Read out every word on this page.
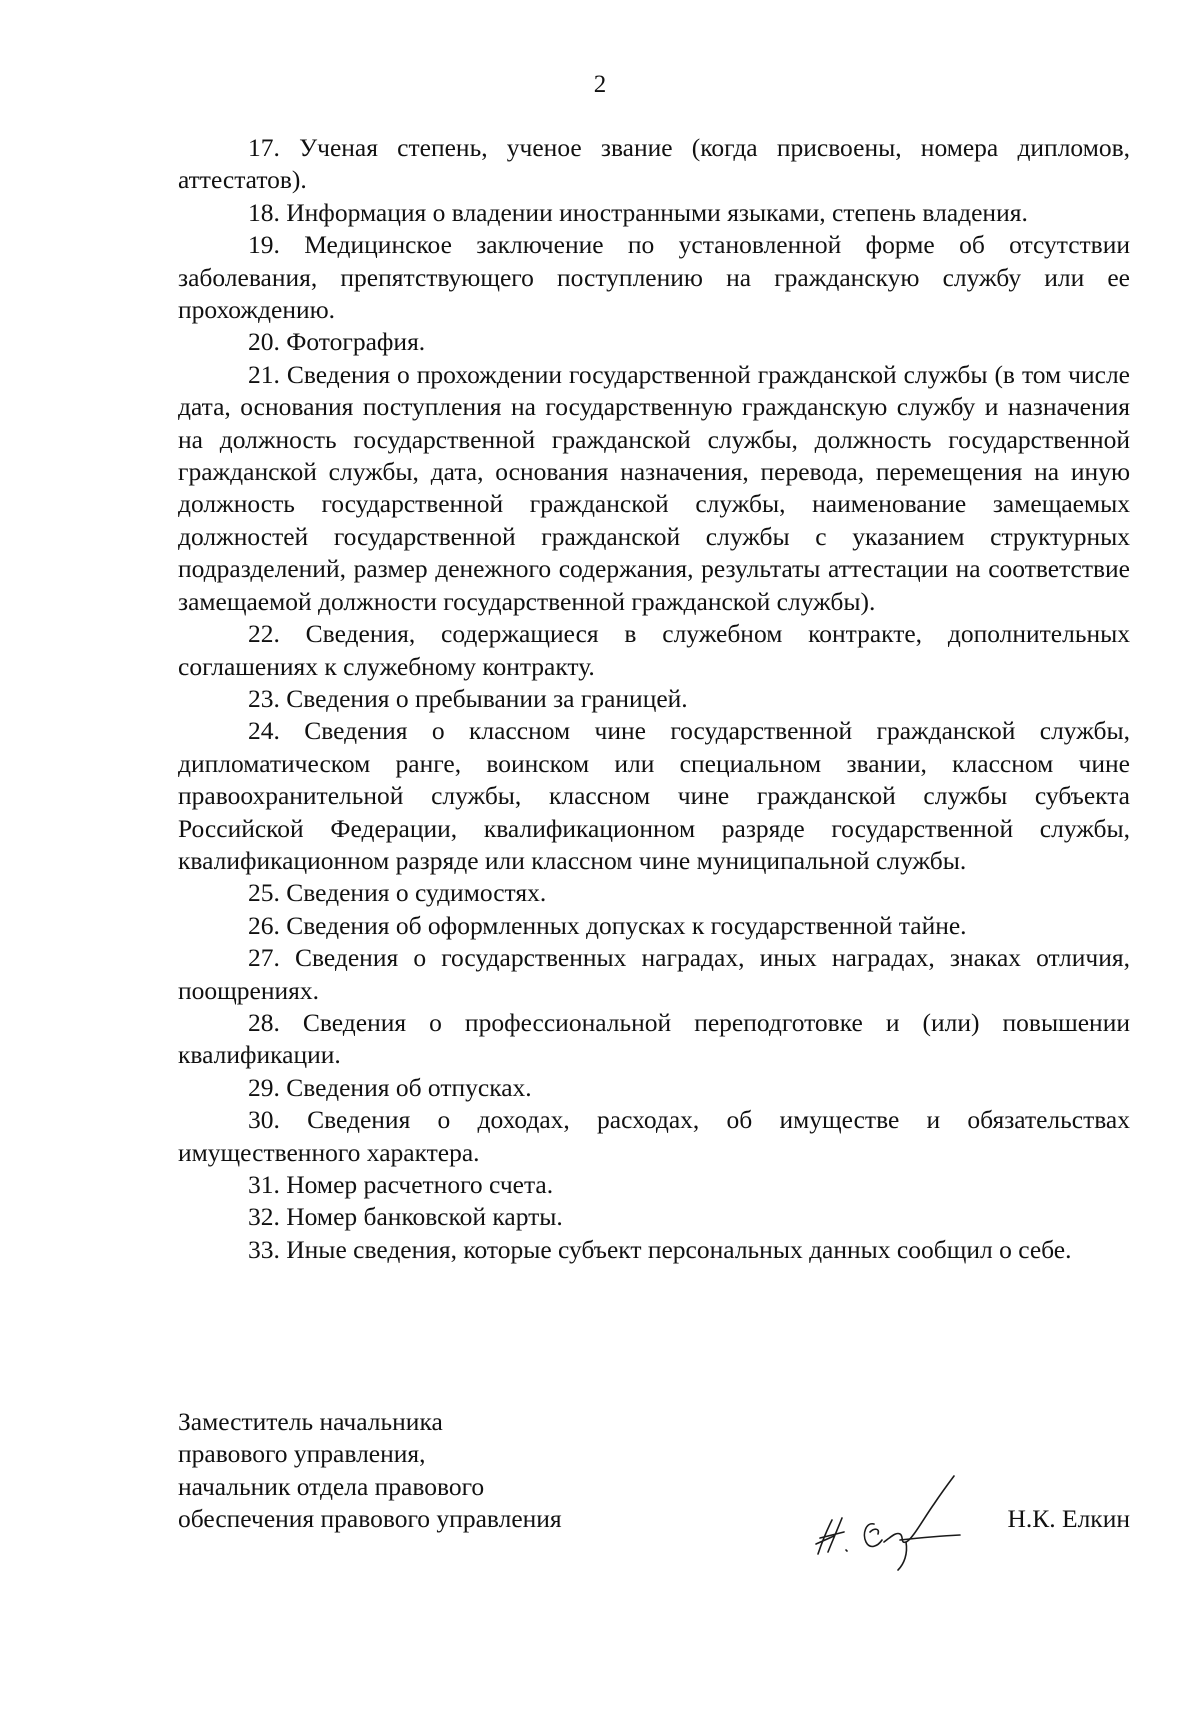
2

17. Ученая степень, ученое звание (когда присвоены, номера дипломов, аттестатов).

18. Информация о владении иностранными языками, степень владения.

19. Медицинское заключение по установленной форме об отсутствии заболевания, препятствующего поступлению на гражданскую службу или ее прохождению.

20. Фотография.

21. Сведения о прохождении государственной гражданской службы (в том числе дата, основания поступления на государственную гражданскую службу и назначения на должность государственной гражданской службы, должность государственной гражданской службы, дата, основания назначения, перевода, перемещения на иную должность государственной гражданской службы, наименование замещаемых должностей государственной гражданской службы с указанием структурных подразделений, размер денежного содержания, результаты аттестации на соответствие замещаемой должности государственной гражданской службы).

22. Сведения, содержащиеся в служебном контракте, дополнительных соглашениях к служебному контракту.

23. Сведения о пребывании за границей.

24. Сведения о классном чине государственной гражданской службы, дипломатическом ранге, воинском или специальном звании, классном чине правоохранительной службы, классном чине гражданской службы субъекта Российской Федерации, квалификационном разряде государственной службы, квалификационном разряде или классном чине муниципальной службы.

25. Сведения о судимостях.

26. Сведения об оформленных допусках к государственной тайне.

27. Сведения о государственных наградах, иных наградах, знаках отличия, поощрениях.

28. Сведения о профессиональной переподготовке и (или) повышении квалификации.

29. Сведения об отпусках.

30. Сведения о доходах, расходах, об имуществе и обязательствах имущественного характера.

31. Номер расчетного счета.

32. Номер банковской карты.

33. Иные сведения, которые субъект персональных данных сообщил о себе.

Заместитель начальника
правового управления,
начальник отдела правового
обеспечения правового управления	Н.К. Елкин
